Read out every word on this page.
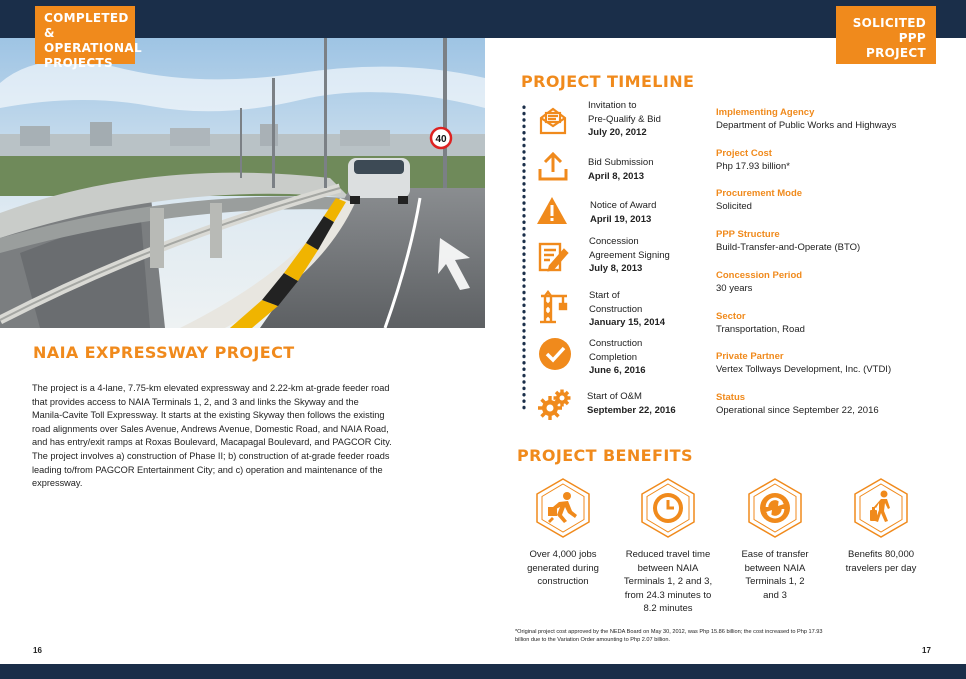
40
COMPLETED &
OPERATIONAL
PROJECTS
SOLICITED
PPP PROJECT
NAIA EXPRESSWAY PROJECT
The project is a 4-lane, 7.75-km elevated expressway and 2.22-km at-grade feeder road
that provides access to NAIA Terminals 1, 2, and 3 and links the Skyway and the
Manila-Cavite Toll Expressway. It starts at the existing Skyway then follows the existing
road alignments over Sales Avenue, Andrews Avenue, Domestic Road, and NAIA Road,
and has entry/exit ramps at Roxas Boulevard, Macapagal Boulevard, and PAGCOR City.
The project involves a) construction of Phase II; b) construction of at-grade feeder roads
leading to/from PAGCOR Entertainment City; and c) operation and maintenance of the
expressway.
PROJECT TIMELINE
Invitation to
Pre-Qualify & Bid
July 20, 2012
Bid Submission
April 8, 2013
Notice of Award
April 19, 2013
Concession
Agreement Signing
July 8, 2013
Start of
Construction
January 15, 2014
Construction
Completion
June 6, 2016
Start of O&M
September 22, 2016
Implementing Agency
Department of Public Works and Highways
Project Cost
Php 17.93 billion*
Procurement Mode
Solicited
PPP Structure
Build-Transfer-and-Operate (BTO)
Concession Period
30 years
Sector
Transportation, Road
Private Partner
Vertex Tollways Development, Inc. (VTDI)
Status
Operational since September 22, 2016
PROJECT BENEFITS
Over 4,000 jobs
generated during
construction
Reduced travel time
between NAIA
Terminals 1, 2 and 3,
from 24.3 minutes to
8.2 minutes
Ease of transfer
between NAIA
Terminals 1, 2
and 3
Benefits 80,000
travelers per day
*Original project cost approved by the NEDA Board on May 30, 2012, was Php 15.86 billion; the cost increased to Php 17.93
billion due to the Variation Order amounting to Php 2.07 billion.
16	17
